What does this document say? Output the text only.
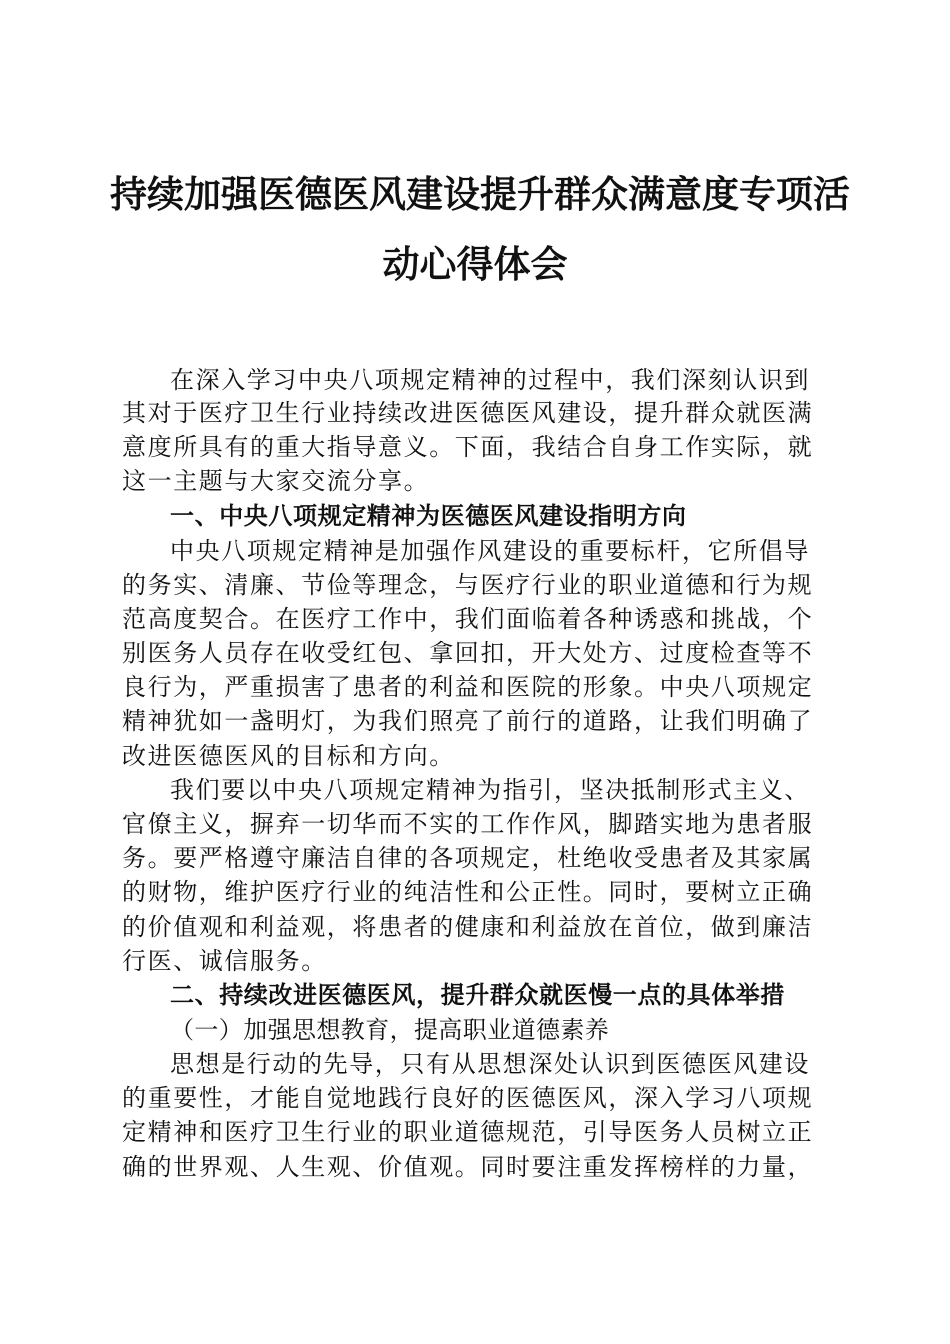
持续加强医德医风建设提升群众满意度专项活
动心得体会
在深入学习中央八项规定精神的过程中，我们深刻认识到
其对于医疗卫生行业持续改进医德医风建设，提升群众就医满
意度所具有的重大指导意义。下面，我结合自身工作实际，就
这一主题与大家交流分享。
一、中央八项规定精神为医德医风建设指明方向
中央八项规定精神是加强作风建设的重要标杆，它所倡导
的务实、清廉、节俭等理念，与医疗行业的职业道德和行为规
范高度契合。在医疗工作中，我们面临着各种诱惑和挑战，个
别医务人员存在收受红包、拿回扣，开大处方、过度检查等不
良行为，严重损害了患者的利益和医院的形象。中央八项规定
精神犹如一盏明灯，为我们照亮了前行的道路，让我们明确了
改进医德医风的目标和方向。
我们要以中央八项规定精神为指引，坚决抵制形式主义、
官僚主义，摒弃一切华而不实的工作作风，脚踏实地为患者服
务。要严格遵守廉洁自律的各项规定，杜绝收受患者及其家属
的财物，维护医疗行业的纯洁性和公正性。同时，要树立正确
的价值观和利益观，将患者的健康和利益放在首位，做到廉洁
行医、诚信服务。
二、持续改进医德医风，提升群众就医慢一点的具体举措
（一）加强思想教育，提高职业道德素养
思想是行动的先导，只有从思想深处认识到医德医风建设
的重要性，才能自觉地践行良好的医德医风，深入学习八项规
定精神和医疗卫生行业的职业道德规范，引导医务人员树立正
确的世界观、人生观、价值观。同时要注重发挥榜样的力量，
